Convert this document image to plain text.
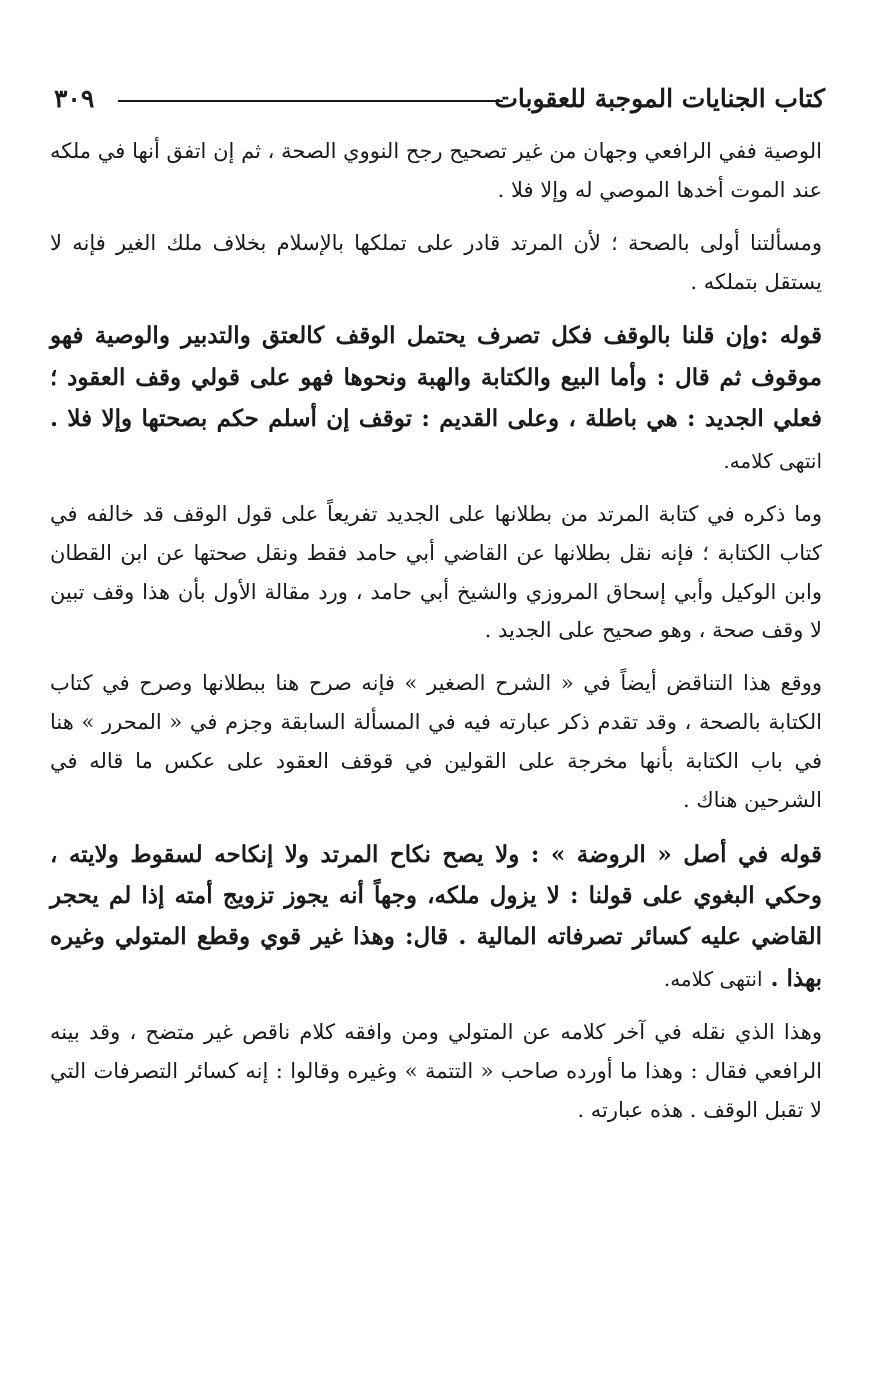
كتاب الجنايات الموجبة للعقوبات
٣٠٩

الوصية ففي الرافعي وجهان من غير تصحيح رجح النووي الصحة ، ثم إن اتفق أنها في ملكه عند الموت أخدها الموصي له وإلا فلا .

ومسألتنا أولى بالصحة ؛ لأن المرتد قادر على تملكها بالإسلام بخلاف ملك الغير فإنه لا يستقل بتملكه .

قوله :وإن قلنا بالوقف فكل تصرف يحتمل الوقف كالعتق والتدبير والوصية فهو موقوف ثم قال : وأما البيع والكتابة والهبة ونحوها فهو على قولي وقف العقود ؛ فعلي الجديد : هي باطلة ، وعلى القديم : توقف إن أسلم حكم بصحتها وإلا فلا . انتهى كلامه.

وما ذكره في كتابة المرتد من بطلانها على الجديد تفريعاً على قول الوقف قد خالفه في كتاب الكتابة ؛ فإنه نقل بطلانها عن القاضي أبي حامد فقط ونقل صحتها عن ابن القطان وابن الوكيل وأبي إسحاق المروزي والشيخ أبي حامد ، ورد مقالة الأول بأن هذا وقف تبين لا وقف صحة ، وهو صحيح على الجديد .

ووقع هذا التناقض أيضاً في « الشرح الصغير » فإنه صرح هنا ببطلانها وصرح في كتاب الكتابة بالصحة ، وقد تقدم ذكر عبارته فيه في المسألة السابقة وجزم في « المحرر » هنا في باب الكتابة بأنها مخرجة على القولين في قوقف العقود على عكس ما قاله في الشرحين هناك .

قوله في أصل « الروضة » : ولا يصح نكاح المرتد ولا إنكاحه لسقوط ولايته ، وحكي البغوي على قولنا : لا يزول ملكه، وجهاً أنه يجوز تزويج أمته إذا لم يحجر القاضي عليه كسائر تصرفاته المالية . قال: وهذا غير قوي وقطع المتولي وغيره بهذا . انتهى كلامه.

وهذا الذي نقله في آخر كلامه عن المتولي ومن وافقه كلام ناقص غير متضح ، وقد بينه الرافعي فقال : وهذا ما أورده صاحب « التتمة » وغيره وقالوا : إنه كسائر التصرفات التي لا تقبل الوقف . هذه عبارته .
